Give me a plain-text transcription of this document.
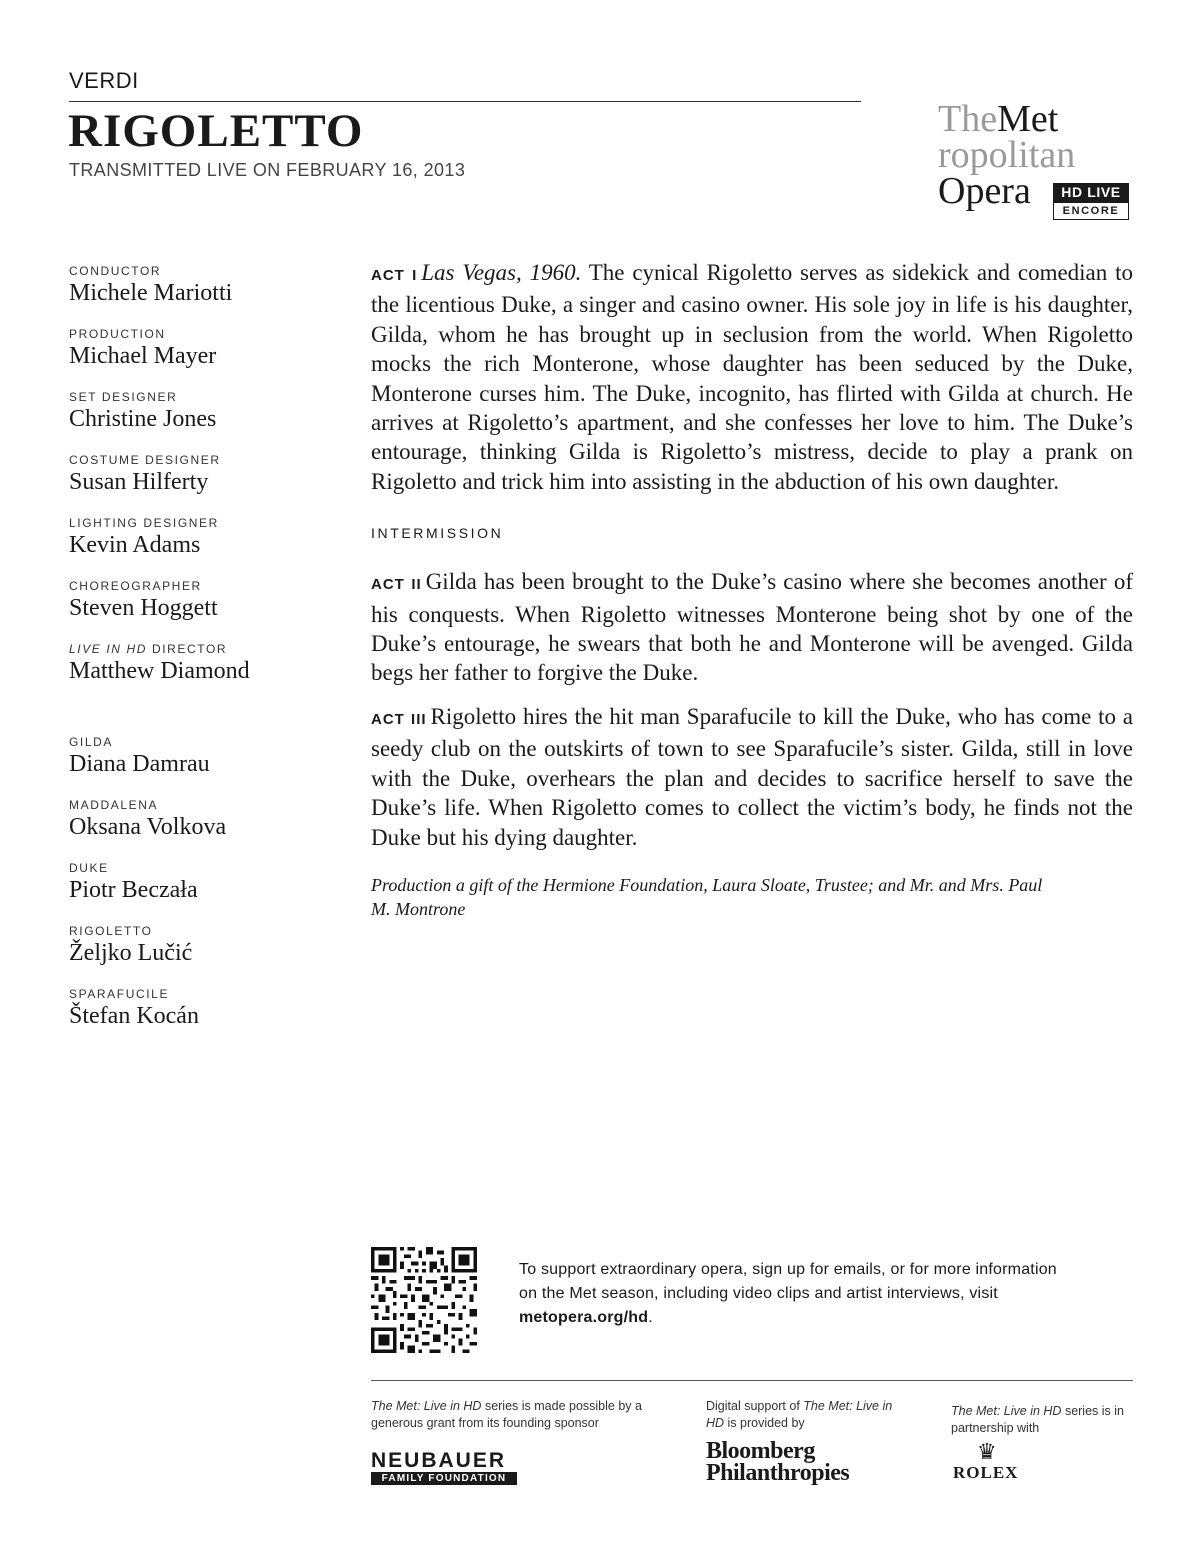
VERDI
RIGOLETTO
TRANSMITTED LIVE ON FEBRUARY 16, 2013
TheMet
ropolitan
Opera	HD LIVE
ENCORE
CONDUCTOR
Michele Mariotti
PRODUCTION
Michael Mayer
SET DESIGNER
Christine Jones
COSTUME DESIGNER
Susan Hilferty
LIGHTING DESIGNER
Kevin Adams
CHOREOGRAPHER
Steven Hoggett
LIVE IN HD DIRECTOR
Matthew Diamond
GILDA
Diana Damrau
MADDALENA
Oksana Volkova
DUKE
Piotr Beczała
RIGOLETTO
Željko Lučić
SPARAFUCILE
Štefan Kocán

ACT I Las Vegas, 1960. The cynical Rigoletto serves as sidekick and comedian to the licentious Duke, a singer and casino owner. His sole joy in life is his daughter, Gilda, whom he has brought up in seclusion from the world. When Rigoletto mocks the rich Monterone, whose daughter has been seduced by the Duke, Monterone curses him. The Duke, incognito, has flirted with Gilda at church. He arrives at Rigoletto’s apartment, and she confesses her love to him. The Duke’s entourage, thinking Gilda is Rigoletto’s mistress, decide to play a prank on Rigoletto and trick him into assisting in the abduction of his own daughter.

INTERMISSION

ACT II Gilda has been brought to the Duke’s casino where she becomes another of his conquests. When Rigoletto witnesses Monterone being shot by one of the Duke’s entourage, he swears that both he and Monterone will be avenged. Gilda begs her father to forgive the Duke.

ACT III Rigoletto hires the hit man Sparafucile to kill the Duke, who has come to a seedy club on the outskirts of town to see Sparafucile’s sister. Gilda, still in love with the Duke, overhears the plan and decides to sacrifice herself to save the Duke’s life. When Rigoletto comes to collect the victim’s body, he finds not the Duke but his dying daughter.

Production a gift of the Hermione Foundation, Laura Sloate, Trustee; and Mr. and Mrs. Paul M. Montrone
To support extraordinary opera, sign up for emails, or for more information on the Met season, including video clips and artist interviews, visit metopera.org/hd.
The Met: Live in HD series is made possible by a generous grant from its founding sponsor
NEUBAUER
FAMILY FOUNDATION
Digital support of The Met: Live in HD is provided by
Bloomberg
Philanthropies
The Met: Live in HD series is in partnership with
♛
ROLEX
